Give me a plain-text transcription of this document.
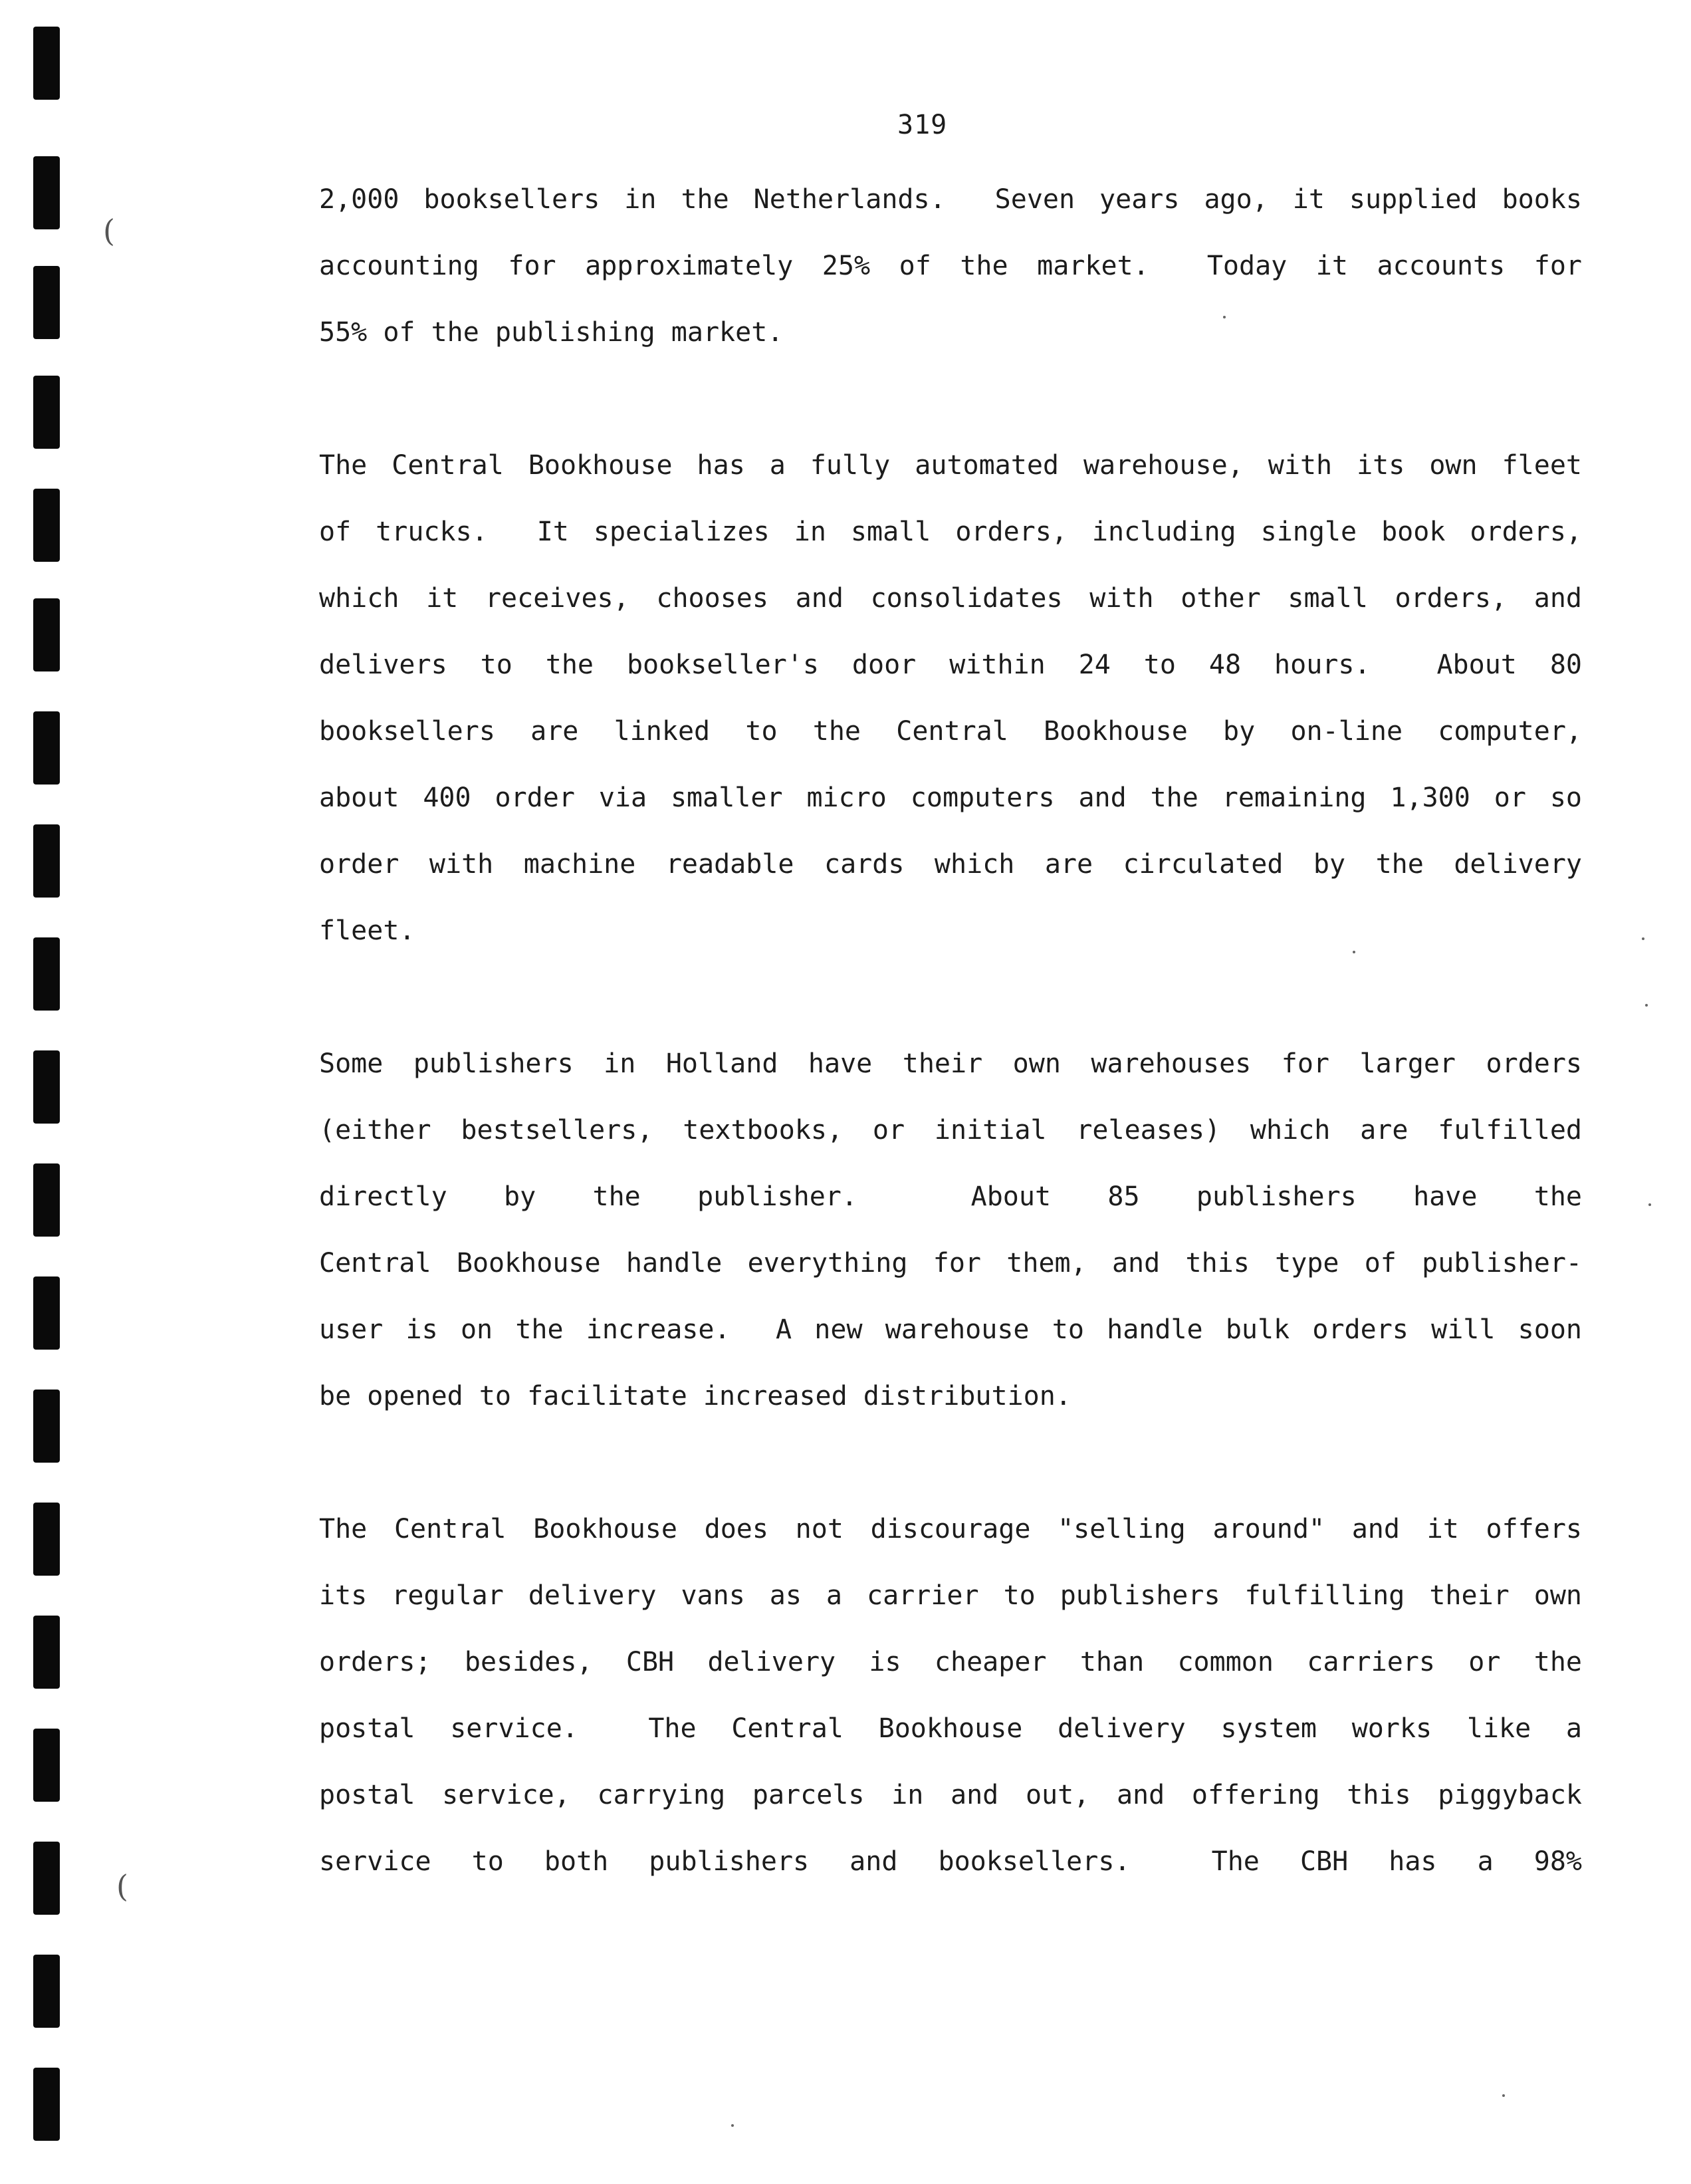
(
(
319
2,000 booksellers in the Netherlands.  Seven years ago, it supplied books
accounting for approximately 25% of the market.  Today it accounts for
55% of the publishing market.
The Central Bookhouse has a fully automated warehouse, with its own fleet
of trucks.  It specializes in small orders, including single book orders,
which it receives, chooses and consolidates with other small orders, and
delivers to the bookseller's door within 24 to 48 hours.  About 80
booksellers are linked to the Central Bookhouse by on-line computer,
about 400 order via smaller micro computers and the remaining 1,300 or so
order with machine readable cards which are circulated by the delivery
fleet.
Some publishers in Holland have their own warehouses for larger orders
(either bestsellers, textbooks, or initial releases) which are fulfilled
directly by the publisher.  About 85 publishers have the
Central Bookhouse handle everything for them, and this type of publisher-
user is on the increase.  A new warehouse to handle bulk orders will soon
be opened to facilitate increased distribution.
The Central Bookhouse does not discourage "selling around" and it offers
its regular delivery vans as a carrier to publishers fulfilling their own
orders; besides, CBH delivery is cheaper than common carriers or the
postal service.  The Central Bookhouse delivery system works like a
postal service, carrying parcels in and out, and offering this piggyback
service to both publishers and booksellers.  The CBH has a 98%
